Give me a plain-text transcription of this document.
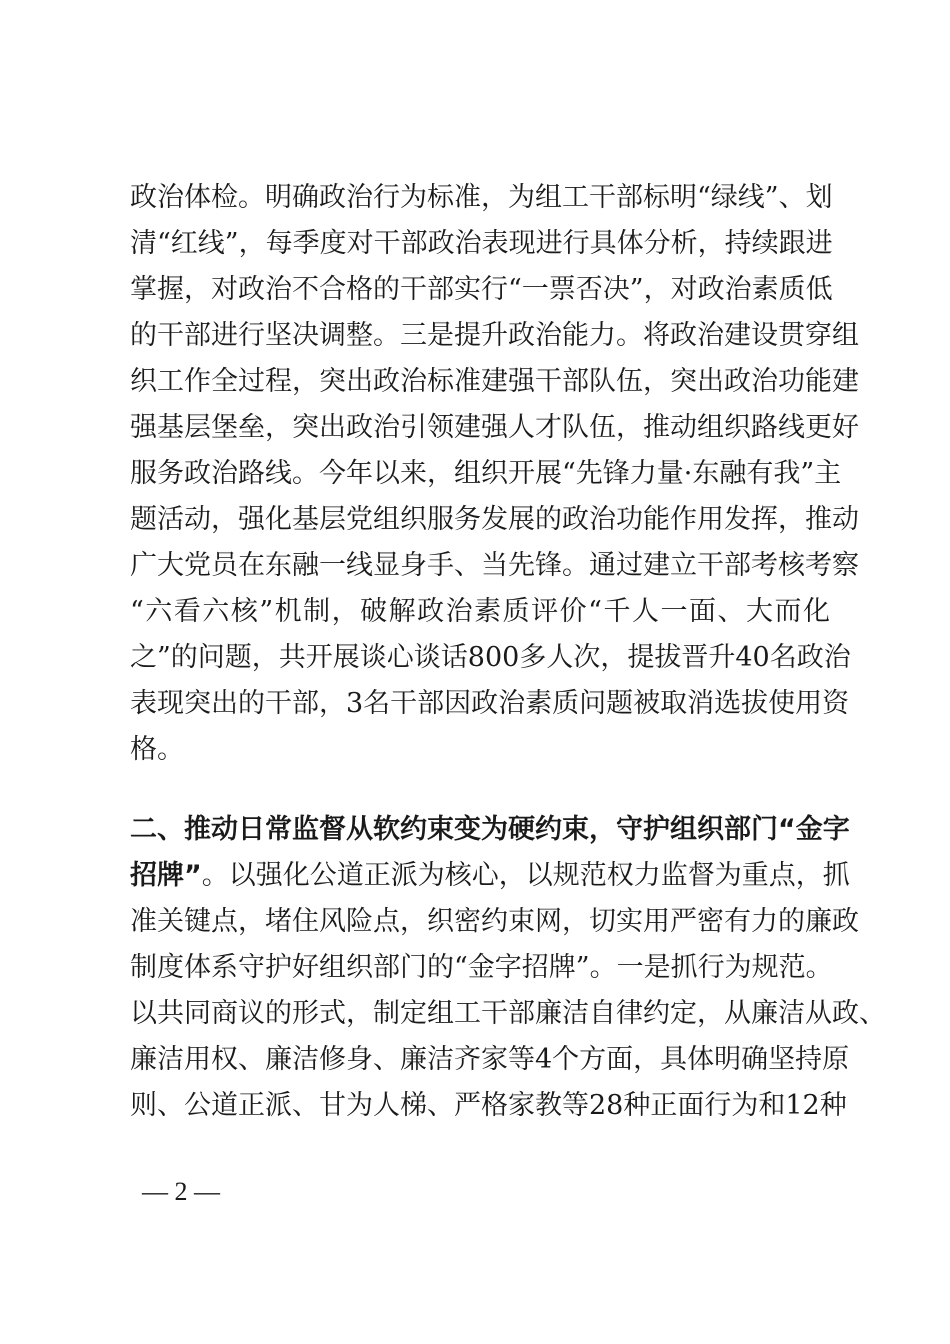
政治体检。明确政治行为标准，为组工干部标明“绿线”、划
清“红线”，每季度对干部政治表现进行具体分析，持续跟进
掌握，对政治不合格的干部实行“一票否决”，对政治素质低
的干部进行坚决调整。三是提升政治能力。将政治建设贯穿组
织工作全过程，突出政治标准建强干部队伍，突出政治功能建
强基层堡垒，突出政治引领建强人才队伍，推动组织路线更好
服务政治路线。今年以来，组织开展“先锋力量·东融有我”主
题活动，强化基层党组织服务发展的政治功能作用发挥，推动
广大党员在东融一线显身手、当先锋。通过建立干部考核考察
“六看六核”机制，破解政治素质评价“千人一面、大而化
之”的问题，共开展谈心谈话800多人次，提拔晋升40名政治
表现突出的干部，3名干部因政治素质问题被取消选拔使用资
格。
二、推动日常监督从软约束变为硬约束，守护组织部门“金字
招牌”。以强化公道正派为核心，以规范权力监督为重点，抓
准关键点，堵住风险点，织密约束网，切实用严密有力的廉政
制度体系守护好组织部门的“金字招牌”。一是抓行为规范。
以共同商议的形式，制定组工干部廉洁自律约定，从廉洁从政、
廉洁用权、廉洁修身、廉洁齐家等4个方面，具体明确坚持原
则、公道正派、甘为人梯、严格家教等28种正面行为和12种
— 2 —
